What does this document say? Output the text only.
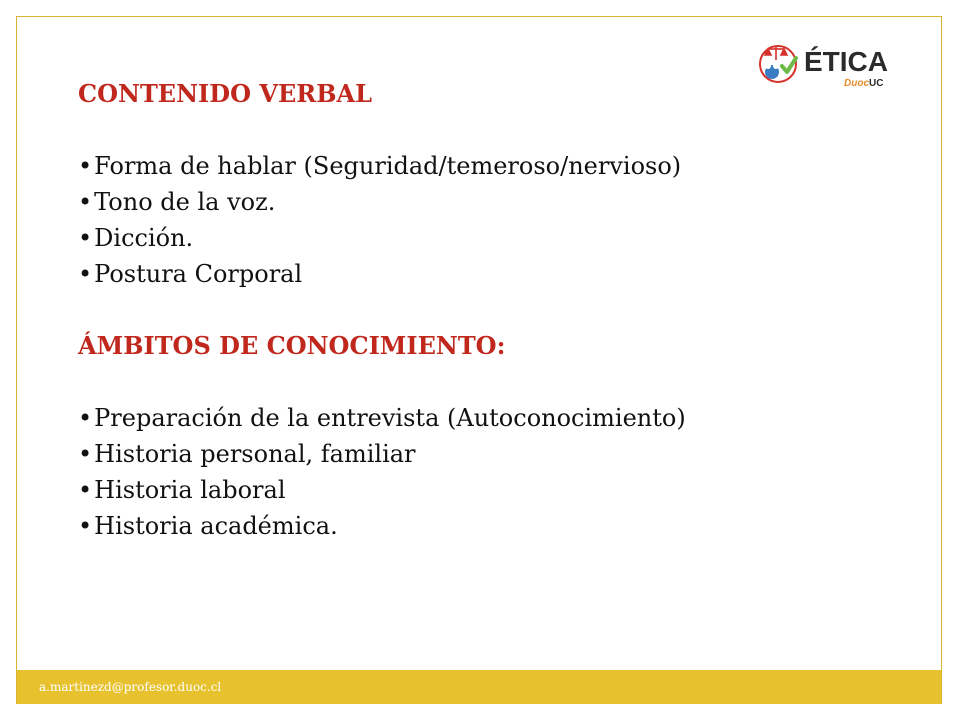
ÉTICA
Duoc UC
CONTENIDO VERBAL
•Forma de hablar (Seguridad/temeroso/nervioso)
•Tono de la voz.
•Dicción.
•Postura Corporal
ÁMBITOS DE CONOCIMIENTO:
•Preparación de la entrevista (Autoconocimiento)
•Historia personal, familiar
•Historia laboral
•Historia académica.
a.martinezd@profesor.duoc.cl
